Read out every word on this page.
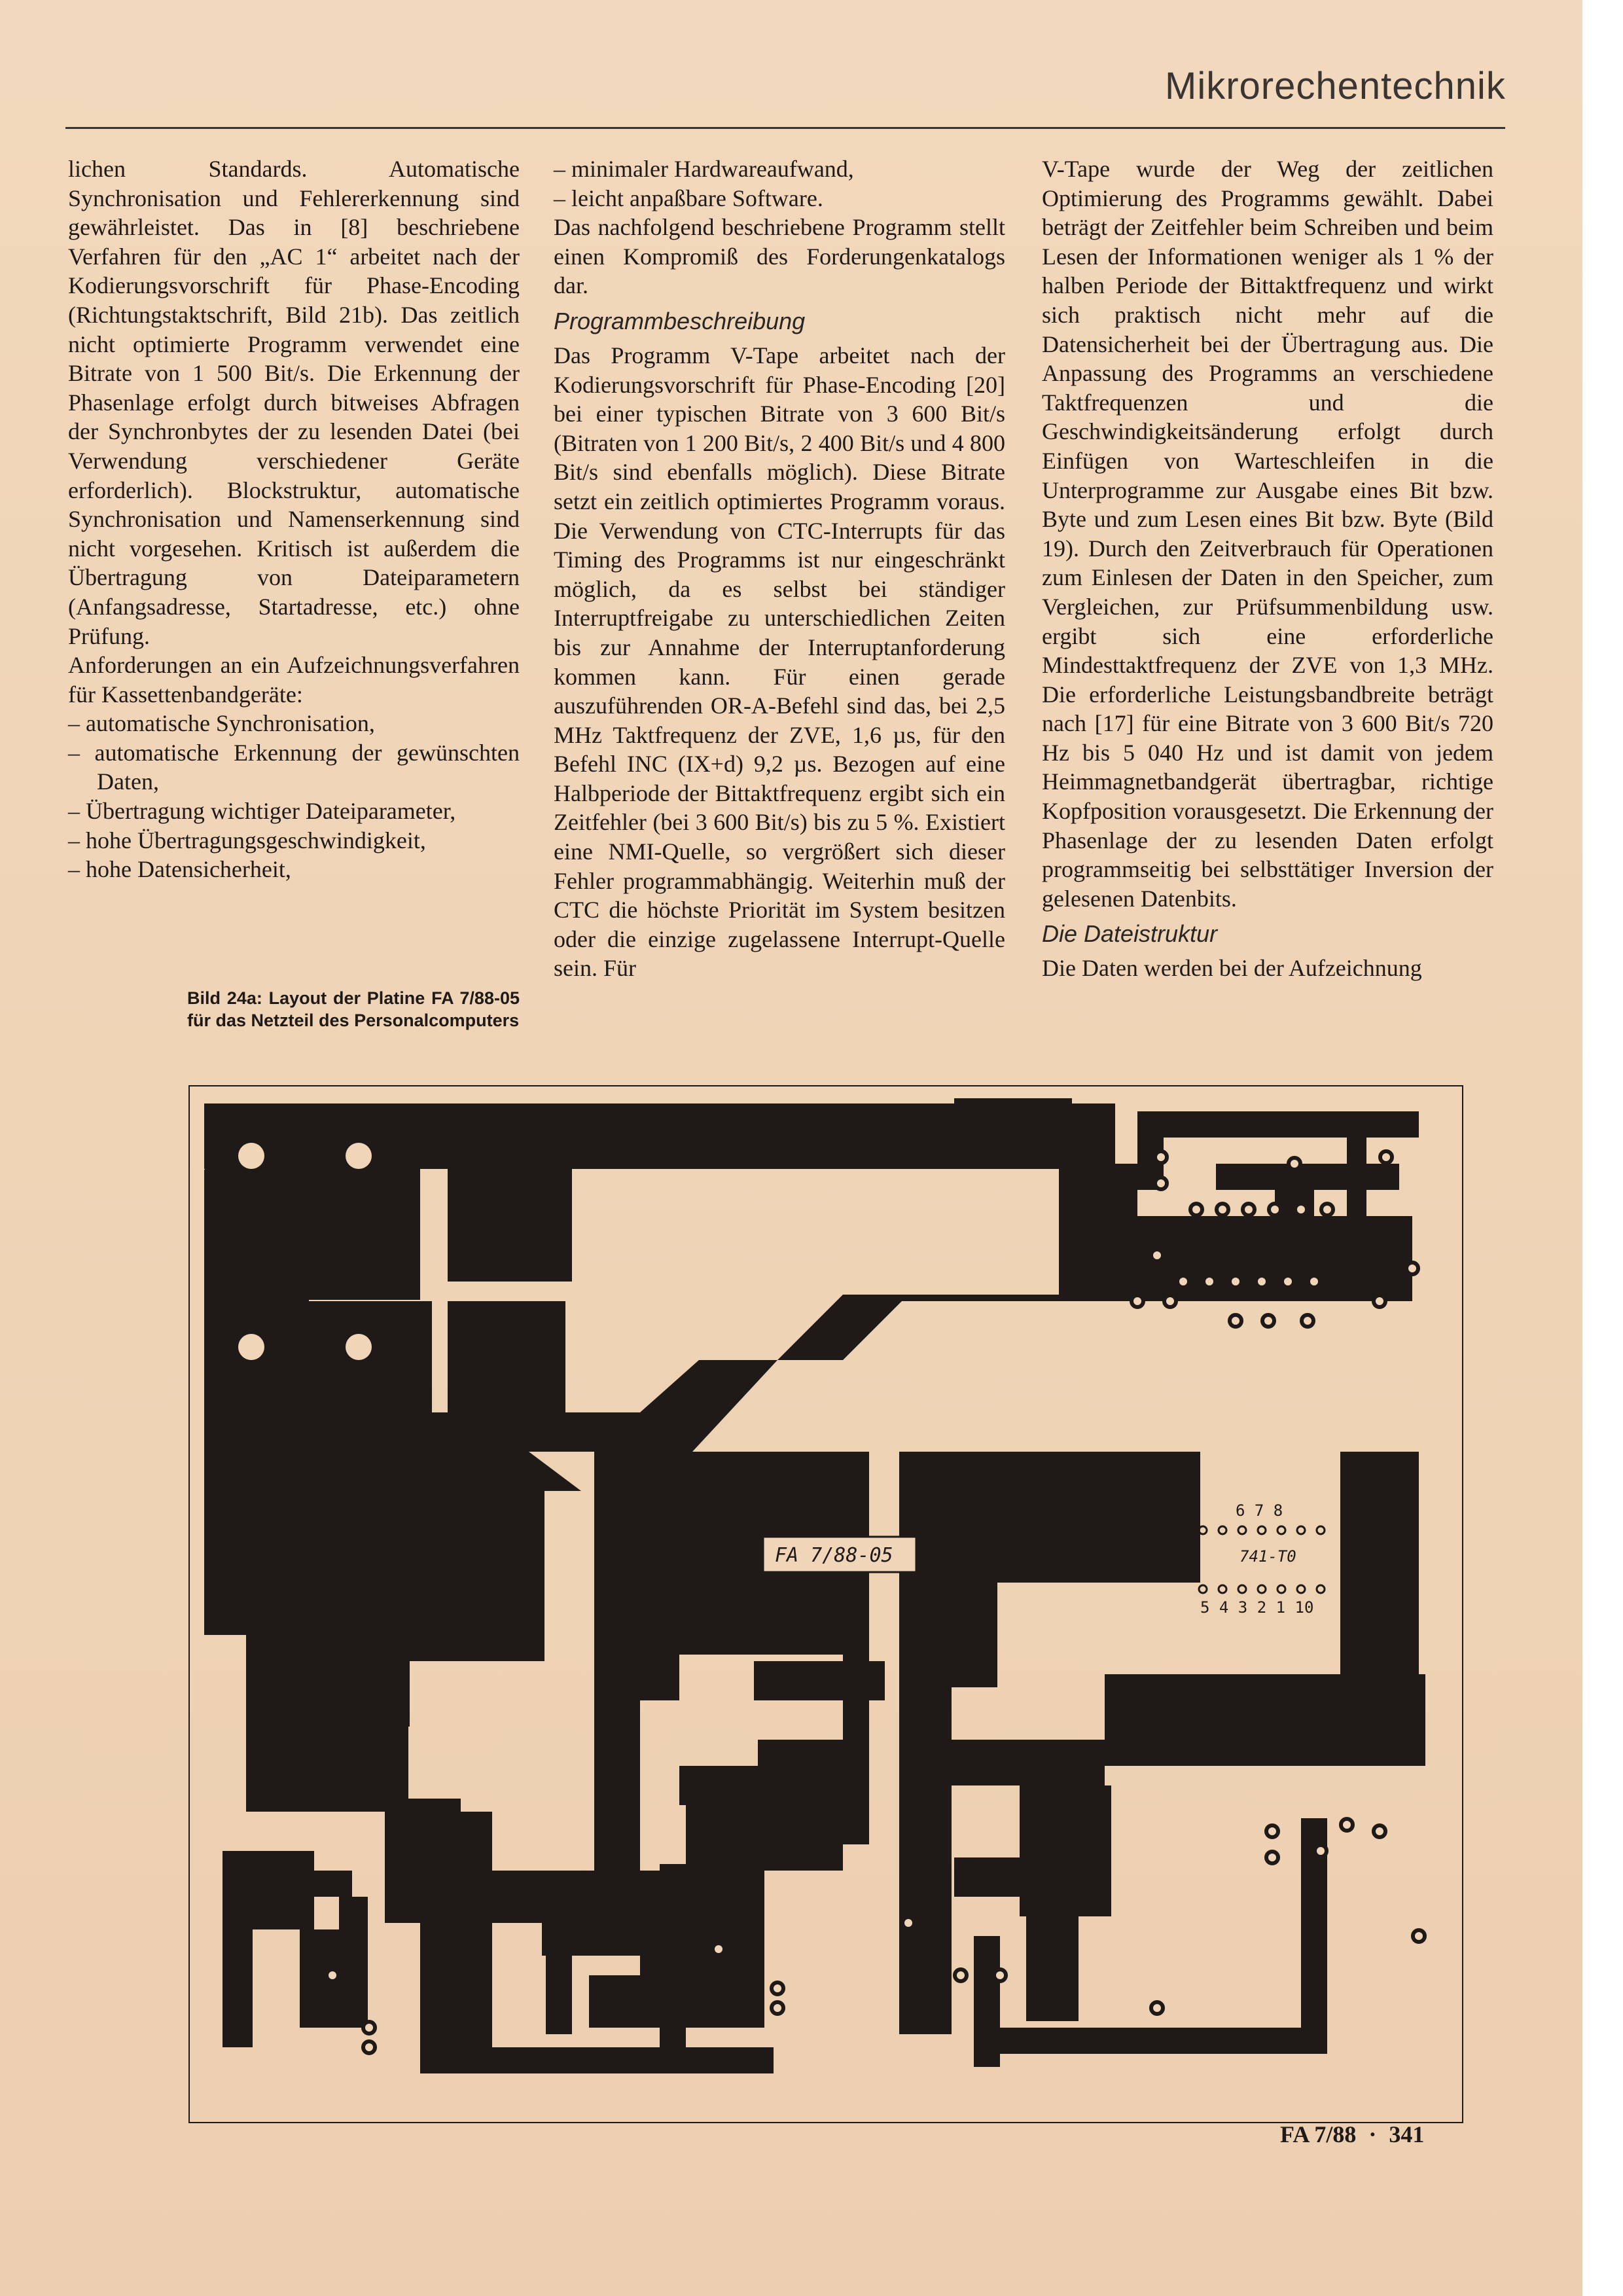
Mikrorechentechnik

lichen Standards. Automatische Synchronisation und Fehlererkennung sind gewährleistet. Das in [8] beschriebene Verfahren für den „AC 1“ arbeitet nach der Kodierungsvorschrift für Phase-Encoding (Richtungstaktschrift, Bild 21b). Das zeitlich nicht optimierte Programm verwendet eine Bitrate von 1 500 Bit/s. Die Erkennung der Phasenlage erfolgt durch bitweises Abfragen der Synchronbytes der zu lesenden Datei (bei Verwendung verschiedener Geräte erforderlich). Blockstruktur, automatische Synchronisation und Namenserkennung sind nicht vorgesehen. Kritisch ist außerdem die Übertragung von Dateiparametern (Anfangsadresse, Startadresse, etc.) ohne Prüfung.

Anforderungen an ein Aufzeichnungsverfahren für Kassettenbandgeräte:

– automatische Synchronisation,
– automatische Erkennung der gewünschten Daten,
– Übertragung wichtiger Dateiparameter,
– hohe Übertragungsgeschwindigkeit,
– hohe Datensicherheit,
– minimaler Hardwareaufwand,
– leicht anpaßbare Software.

Das nachfolgend beschriebene Programm stellt einen Kompromiß des Forderungenkatalogs dar.

Programmbeschreibung

Das Programm V-Tape arbeitet nach der Kodierungsvorschrift für Phase-Encoding [20] bei einer typischen Bitrate von 3 600 Bit/s (Bitraten von 1 200 Bit/s, 2 400 Bit/s und 4 800 Bit/s sind ebenfalls möglich). Diese Bitrate setzt ein zeitlich optimiertes Programm voraus. Die Verwendung von CTC-Interrupts für das Timing des Programms ist nur eingeschränkt möglich, da es selbst bei ständiger Interruptfreigabe zu unterschiedlichen Zeiten bis zur Annahme der Interruptanforderung kommen kann. Für einen gerade auszuführenden OR-A-Befehl sind das, bei 2,5 MHz Taktfrequenz der ZVE, 1,6 µs, für den Befehl INC (IX+d) 9,2 µs. Bezogen auf eine Halbperiode der Bittaktfrequenz ergibt sich ein Zeitfehler (bei 3 600 Bit/s) bis zu 5 %. Existiert eine NMI-Quelle, so vergrößert sich dieser Fehler programmabhängig. Weiterhin muß der CTC die höchste Priorität im System besitzen oder die einzige zugelassene Interrupt-Quelle sein. Für

V-Tape wurde der Weg der zeitlichen Optimierung des Programms gewählt. Dabei beträgt der Zeitfehler beim Schreiben und beim Lesen der Informationen weniger als 1 % der halben Periode der Bittaktfrequenz und wirkt sich praktisch nicht mehr auf die Datensicherheit bei der Übertragung aus. Die Anpassung des Programms an verschiedene Taktfrequenzen und die Geschwindigkeitsänderung erfolgt durch Einfügen von Warteschleifen in die Unterprogramme zur Ausgabe eines Bit bzw. Byte und zum Lesen eines Bit bzw. Byte (Bild 19). Durch den Zeitverbrauch für Operationen zum Einlesen der Daten in den Speicher, zum Vergleichen, zur Prüfsummenbildung usw. ergibt sich eine erforderliche Mindesttaktfrequenz der ZVE von 1,3 MHz. Die erforderliche Leistungsbandbreite beträgt nach [17] für eine Bitrate von 3 600 Bit/s 720 Hz bis 5 040 Hz und ist damit von jedem Heimmagnetbandgerät übertragbar, richtige Kopfposition vorausgesetzt. Die Erkennung der Phasenlage der zu lesenden Daten erfolgt programmseitig bei selbsttätiger Inversion der gelesenen Datenbits.

Die Dateistruktur

Die Daten werden bei der Aufzeichnung

Bild 24a: Layout der Platine FA 7/88-05 für das Netzteil des Personalcomputers
6 7 8
741-T0
5 4 3 2 1 10
FA 7/88-05
FA 7/88 · 341
